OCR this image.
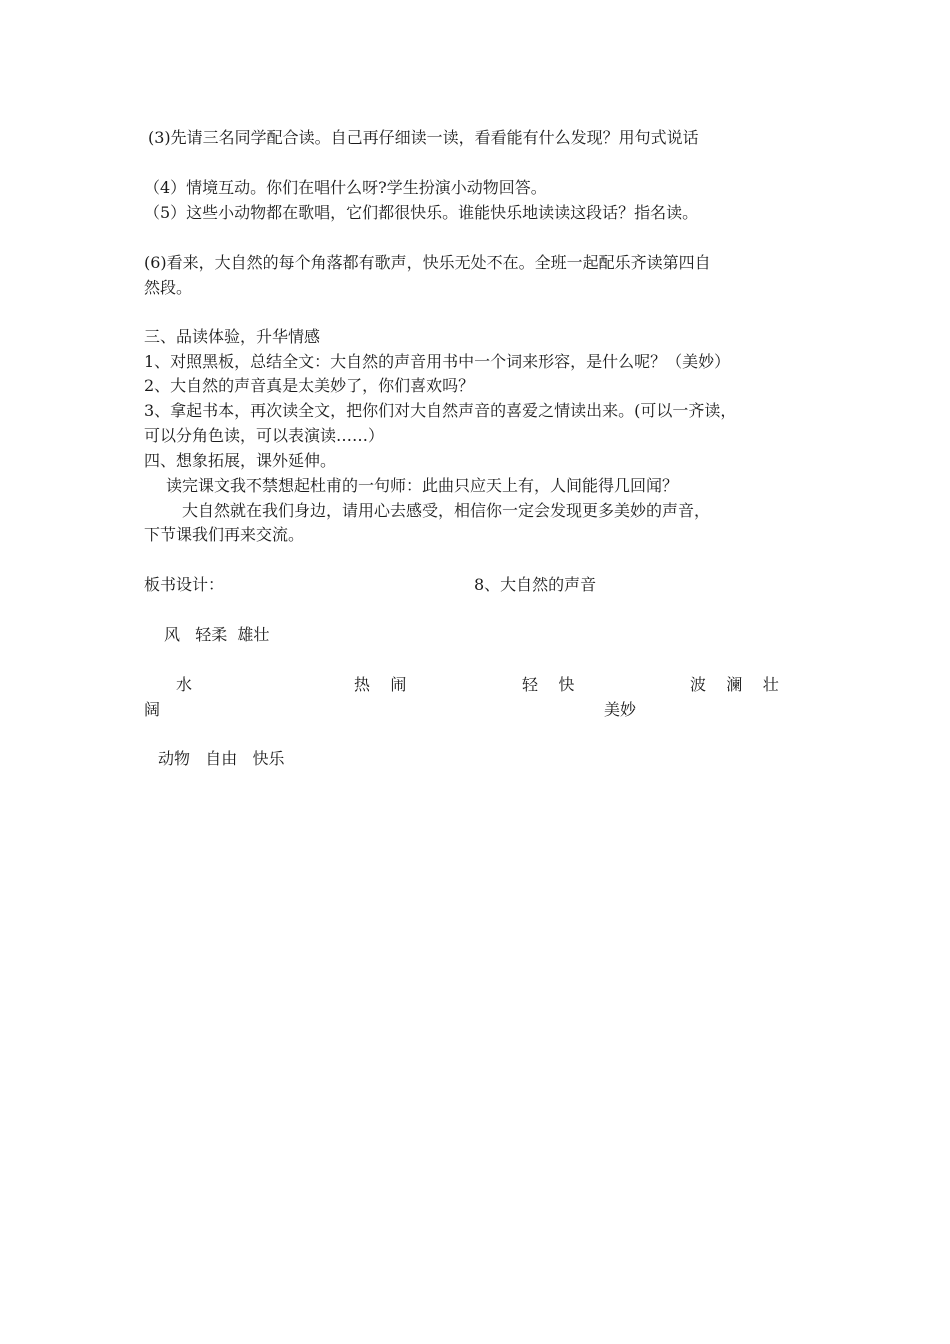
(3)先请三名同学配合读。自己再仔细读一读，看看能有什么发现？用句式说话
（4）情境互动。你们在唱什么呀?学生扮演小动物回答。
（5）这些小动物都在歌唱，它们都很快乐。谁能快乐地读读这段话？指名读。
(6)看来，大自然的每个角落都有歌声，快乐无处不在。全班一起配乐齐读第四自
然段。
三、品读体验，升华情感
1、对照黑板，总结全文：大自然的声音用书中一个词来形容，是什么呢？（美妙）
2、大自然的声音真是太美妙了，你们喜欢吗？
3、拿起书本，再次读全文，把你们对大自然声音的喜爱之情读出来。(可以一齐读，
可以分角色读，可以表演读……）
四、想象拓展，课外延伸。
读完课文我不禁想起杜甫的一句师：此曲只应天上有，人间能得几回闻？
大自然就在我们身边，请用心去感受，相信你一定会发现更多美妙的声音，
下节课我们再来交流。
板书设计：	8、大自然的声音
风   轻柔  雄壮
水	热    闹	轻    快	波    澜    壮
阔	美妙
动物   自由   快乐
